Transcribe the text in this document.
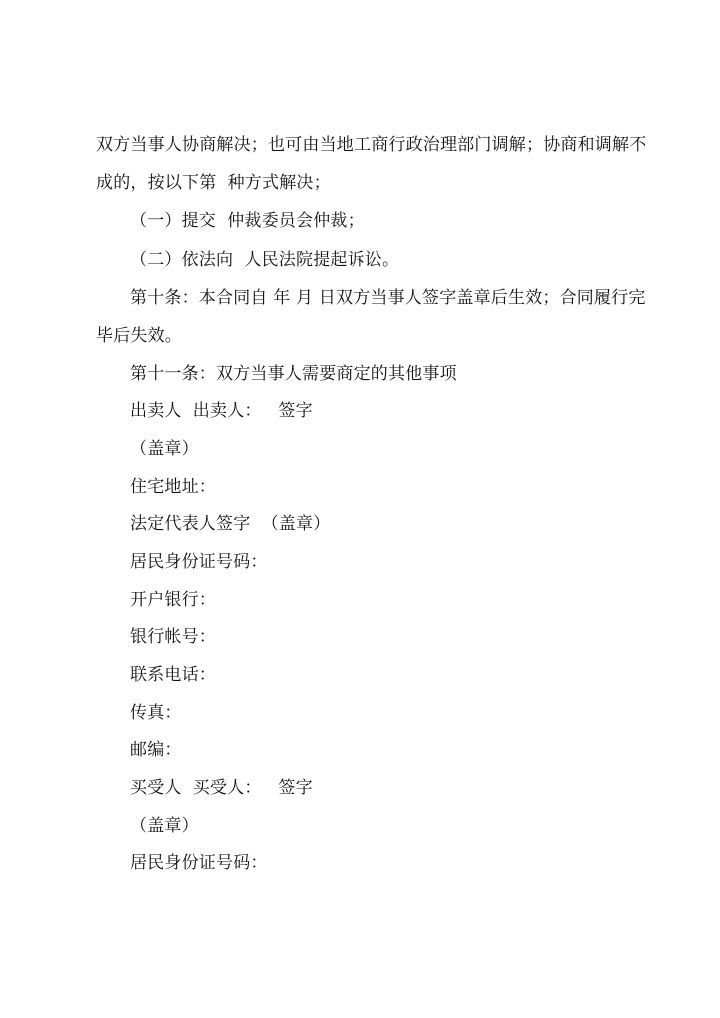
双方当事人协商解决；也可由当地工商行政治理部门调解；协商和调解不
成的，按以下第  种方式解决；
（一）提交  仲裁委员会仲裁；
（二）依法向  人民法院提起诉讼。
第十条：本合同自 年 月 日双方当事人签字盖章后生效；合同履行完
毕后失效。
第十一条：双方当事人需要商定的其他事项
出卖人  出卖人：   签字
（盖章）
住宅地址：
法定代表人签字  （盖章）
居民身份证号码：
开户银行：
银行帐号：
联系电话：
传真：
邮编：
买受人  买受人：   签字
（盖章）
居民身份证号码：
